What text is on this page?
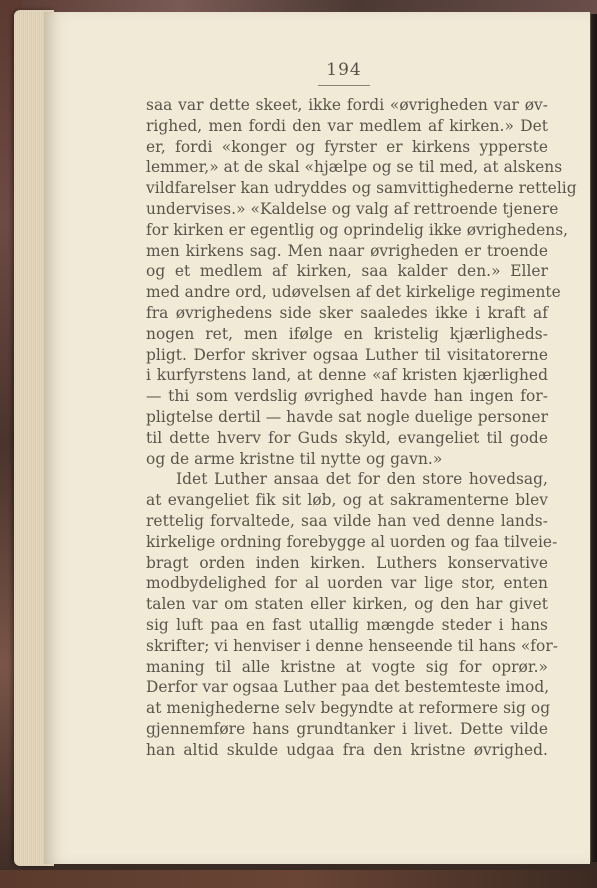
194
saa var dette skeet, ikke fordi «øvrigheden var øv-
righed, men fordi den var medlem af kirken.» Det
er, fordi «konger og fyrster er kirkens ypperste
lemmer,» at de skal «hjælpe og se til med, at alskens
vildfarelser kan udryddes og samvittighederne rettelig
undervises.» «Kaldelse og valg af rettroende tjenere
for kirken er egentlig og oprindelig ikke øvrighedens,
men kirkens sag. Men naar øvrigheden er troende
og et medlem af kirken, saa kalder den.» Eller
med andre ord, udøvelsen af det kirkelige regimente
fra øvrighedens side sker saaledes ikke i kraft af
nogen ret, men ifølge en kristelig kjærligheds-
pligt. Derfor skriver ogsaa Luther til visitatorerne
i kurfyrstens land, at denne «af kristen kjærlighed
— thi som verdslig øvrighed havde han ingen for-
pligtelse dertil — havde sat nogle duelige personer
til dette hverv for Guds skyld, evangeliet til gode
og de arme kristne til nytte og gavn.»
Idet Luther ansaa det for den store hovedsag,
at evangeliet fik sit løb, og at sakramenterne blev
rettelig forvaltede, saa vilde han ved denne lands-
kirkelige ordning forebygge al uorden og faa tilveie-
bragt orden inden kirken. Luthers konservative
modbydelighed for al uorden var lige stor, enten
talen var om staten eller kirken, og den har givet
sig luft paa en fast utallig mængde steder i hans
skrifter; vi henviser i denne henseende til hans «for-
maning til alle kristne at vogte sig for oprør.»
Derfor var ogsaa Luther paa det bestemteste imod,
at menighederne selv begyndte at reformere sig og
gjennemføre hans grundtanker i livet. Dette vilde
han altid skulde udgaa fra den kristne øvrighed.
